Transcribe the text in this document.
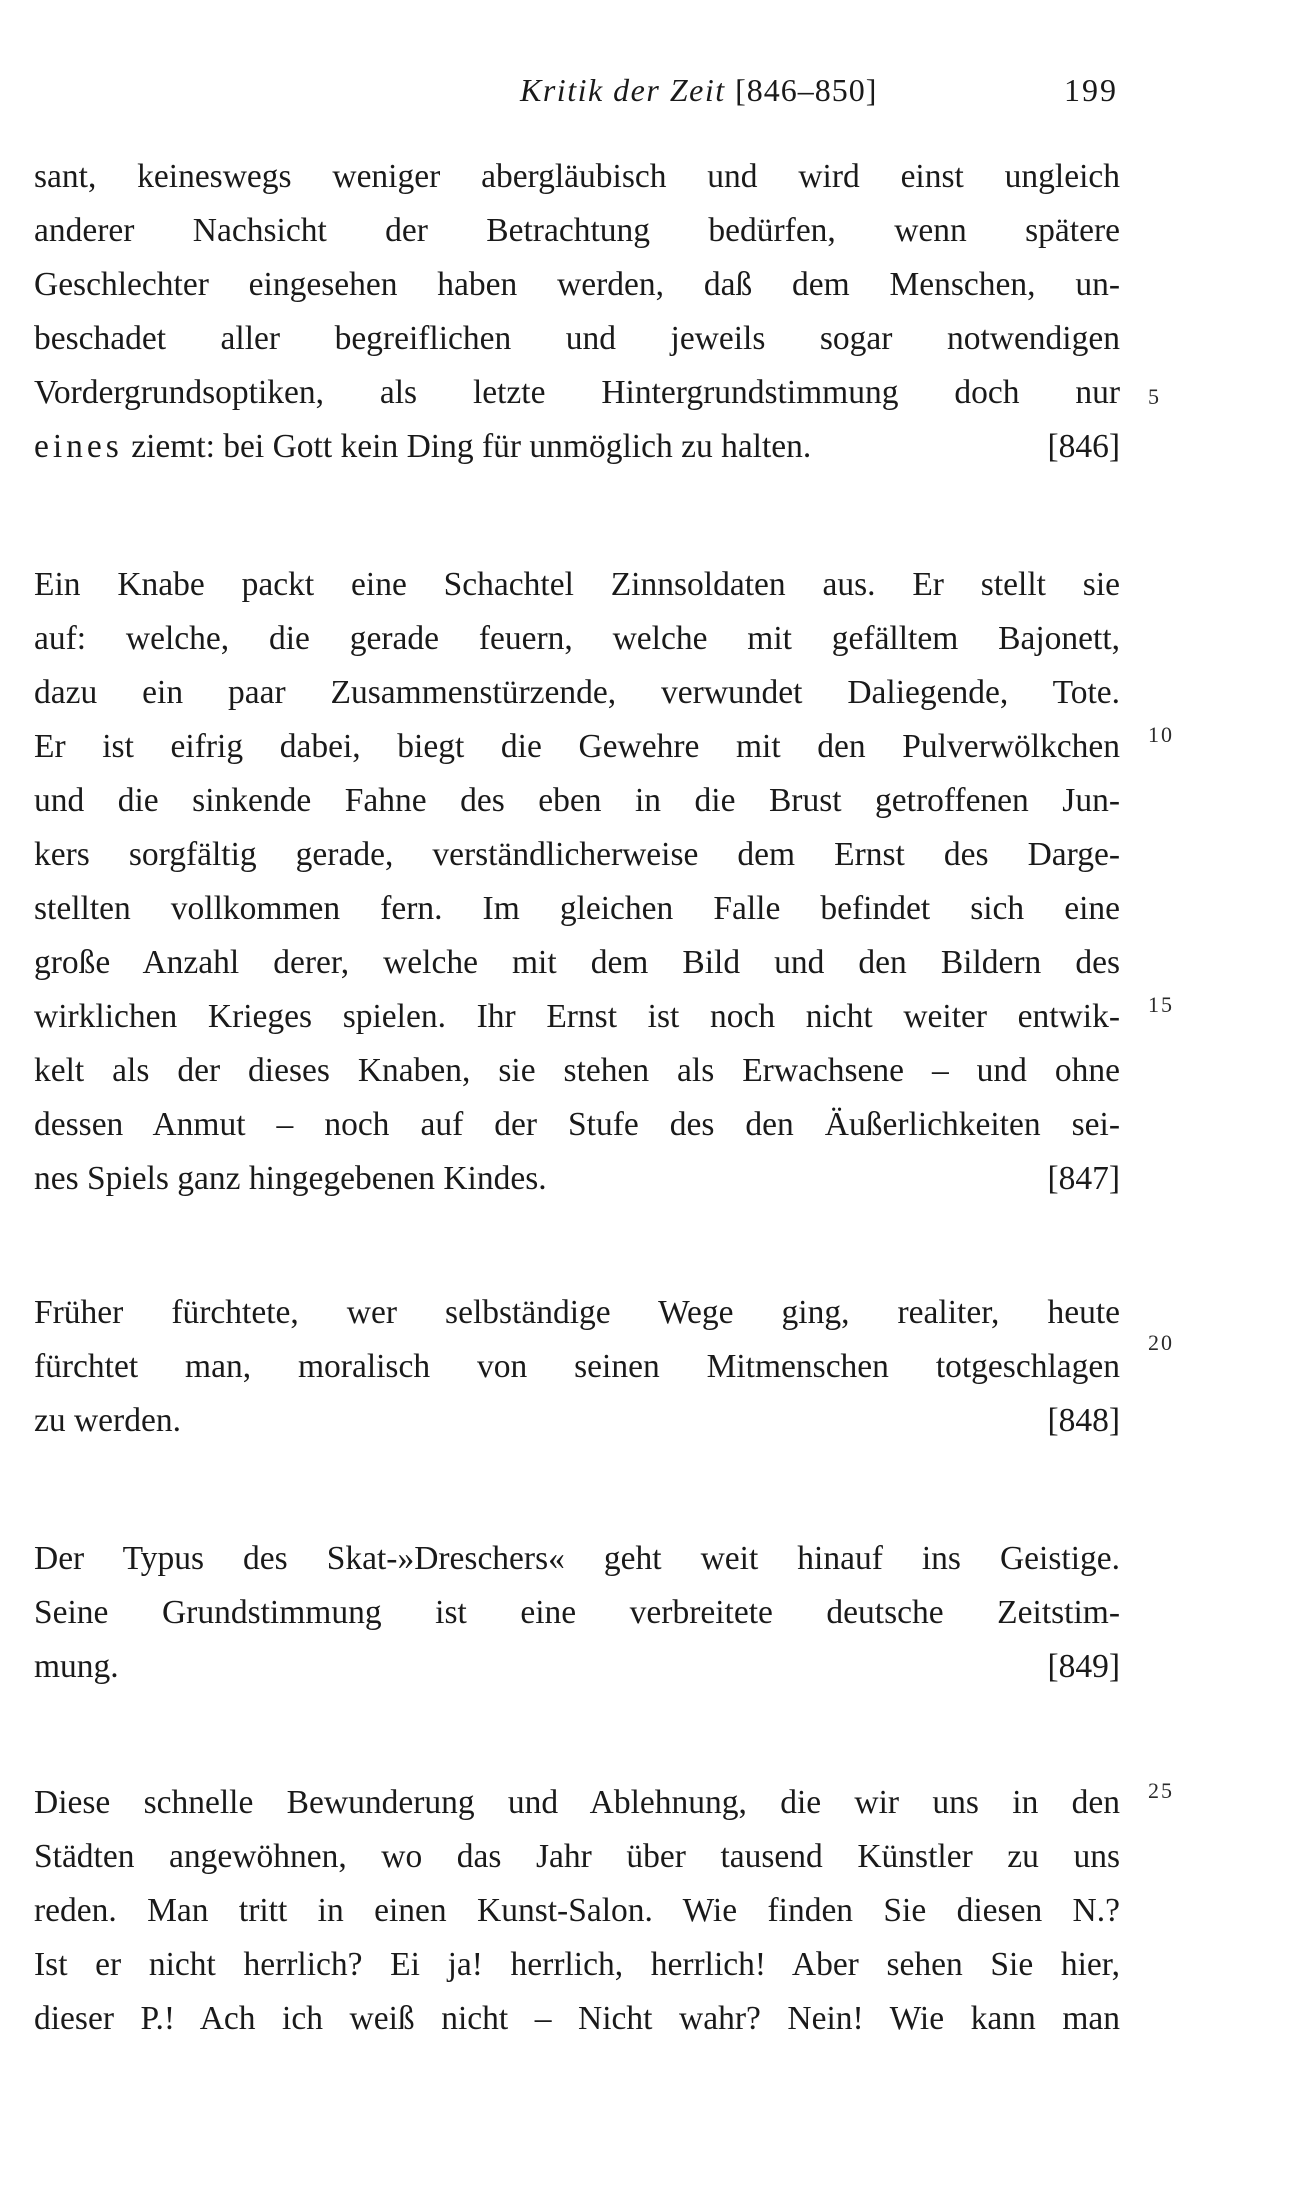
Kritik der Zeit [846–850]	199
sant, keineswegs weniger abergläubisch und wird einst ungleich
anderer Nachsicht der Betrachtung bedürfen, wenn spätere
Geschlechter eingesehen haben werden, daß dem Menschen, un-
beschadet aller begreiflichen und jeweils sogar notwendigen
Vordergrundsoptiken, als letzte Hintergrundstimmung doch nur
eines ziemt: bei Gott kein Ding für unmöglich zu halten.	[846]
Ein Knabe packt eine Schachtel Zinnsoldaten aus. Er stellt sie
auf: welche, die gerade feuern, welche mit gefälltem Bajonett,
dazu ein paar Zusammenstürzende, verwundet Daliegende, Tote.
Er ist eifrig dabei, biegt die Gewehre mit den Pulverwölkchen
und die sinkende Fahne des eben in die Brust getroffenen Jun-
kers sorgfältig gerade, verständlicherweise dem Ernst des Darge-
stellten vollkommen fern. Im gleichen Falle befindet sich eine
große Anzahl derer, welche mit dem Bild und den Bildern des
wirklichen Krieges spielen. Ihr Ernst ist noch nicht weiter entwik-
kelt als der dieses Knaben, sie stehen als Erwachsene – und ohne
dessen Anmut – noch auf der Stufe des den Äußerlichkeiten sei-
nes Spiels ganz hingegebenen Kindes.	[847]
Früher fürchtete, wer selbständige Wege ging, realiter, heute
fürchtet man, moralisch von seinen Mitmenschen totgeschlagen
zu werden.	[848]
Der Typus des Skat-»Dreschers« geht weit hinauf ins Geistige.
Seine Grundstimmung ist eine verbreitete deutsche Zeitstim-
mung.	[849]
Diese schnelle Bewunderung und Ablehnung, die wir uns in den
Städten angewöhnen, wo das Jahr über tausend Künstler zu uns
reden. Man tritt in einen Kunst-Salon. Wie finden Sie diesen N.?
Ist er nicht herrlich? Ei ja! herrlich, herrlich! Aber sehen Sie hier,
dieser P.! Ach ich weiß nicht – Nicht wahr? Nein! Wie kann man
5
10
15
20
25
